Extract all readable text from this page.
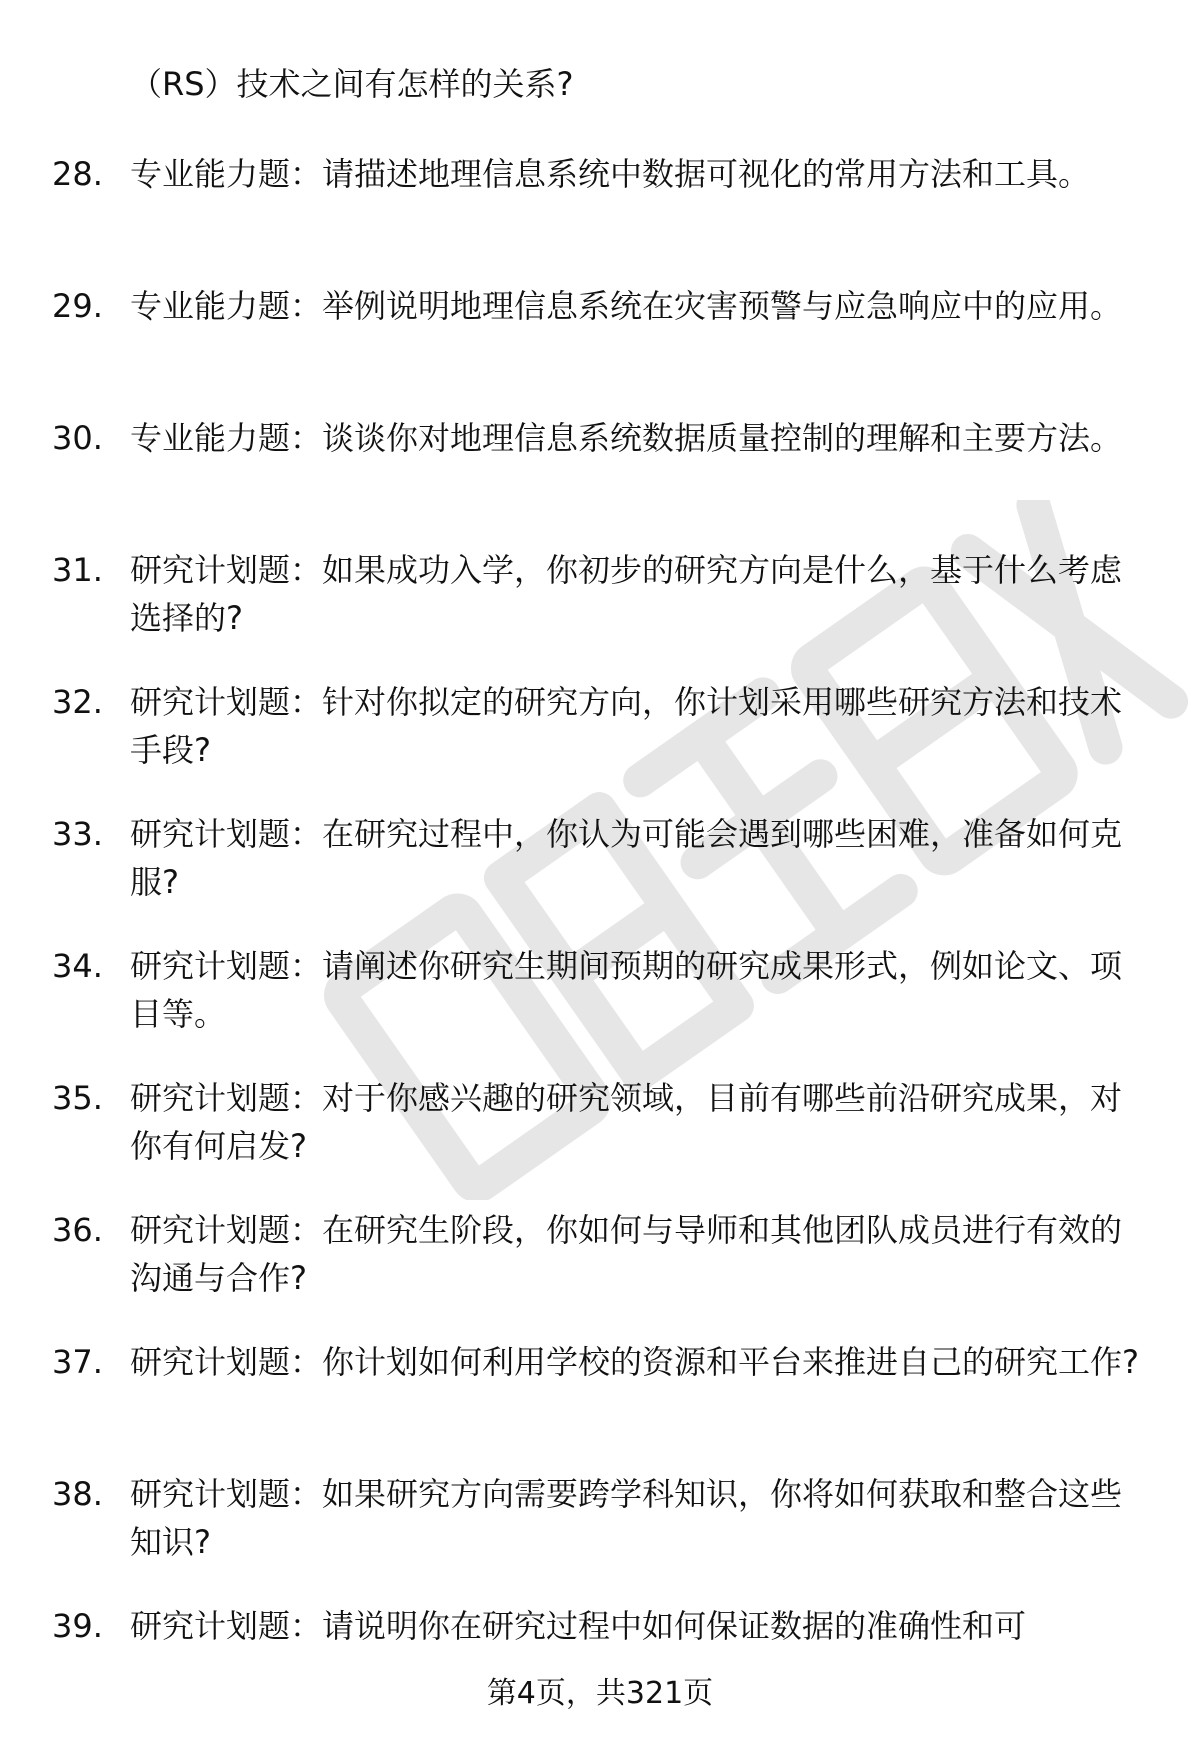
（RS）技术之间有怎样的关系?
28. 专业能力题：请描述地理信息系统中数据可视化的常用方法和工具。
29. 专业能力题：举例说明地理信息系统在灾害预警与应急响应中的应用。
30. 专业能力题：谈谈你对地理信息系统数据质量控制的理解和主要方法。
31. 研究计划题：如果成功入学，你初步的研究方向是什么，基于什么考虑选择的?
32. 研究计划题：针对你拟定的研究方向，你计划采用哪些研究方法和技术手段?
33. 研究计划题：在研究过程中，你认为可能会遇到哪些困难，准备如何克服?
34. 研究计划题：请阐述你研究生期间预期的研究成果形式，例如论文、项目等。
35. 研究计划题：对于你感兴趣的研究领域，目前有哪些前沿研究成果，对你有何启发?
36. 研究计划题：在研究生阶段，你如何与导师和其他团队成员进行有效的沟通与合作?
37. 研究计划题：你计划如何利用学校的资源和平台来推进自己的研究工作?
38. 研究计划题：如果研究方向需要跨学科知识，你将如何获取和整合这些知识?
39. 研究计划题：请说明你在研究过程中如何保证数据的准确性和可
第4页，共321页
